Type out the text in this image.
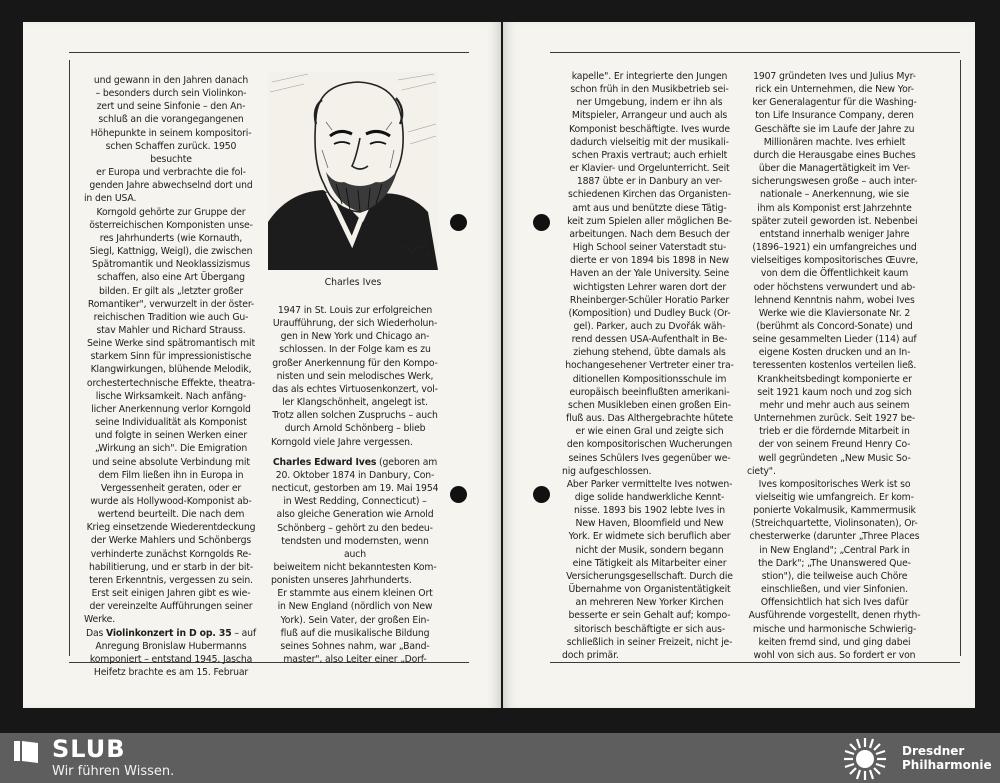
und gewann in den Jahren danach
– besonders durch sein Violinkon-
zert und seine Sinfonie – den An-
schluß an die vorangegangenen
Höhepunkte in seinem kompositori-
schen Schaffen zurück. 1950 besuchte
er Europa und verbrachte die fol-
genden Jahre abwechselnd dort und
in den USA.
Korngold gehörte zur Gruppe der
österreichischen Komponisten unse-
res Jahrhunderts (wie Kornauth,
Siegl, Kattnigg, Weigl), die zwischen
Spätromantik und Neoklassizismus
schaffen, also eine Art Übergang
bilden. Er gilt als „letzter großer
Romantiker", verwurzelt in der öster-
reichischen Tradition wie auch Gu-
stav Mahler und Richard Strauss.
Seine Werke sind spätromantisch mit
starkem Sinn für impressionistische
Klangwirkungen, blühende Melodik,
orchestertechnische Effekte, theatra-
lische Wirksamkeit. Nach anfäng-
licher Anerkennung verlor Korngold
seine Individualität als Komponist
und folgte in seinen Werken einer
„Wirkung an sich". Die Emigration
und seine absolute Verbindung mit
dem Film ließen ihn in Europa in
Vergessenheit geraten, oder er
wurde als Hollywood-Komponist ab-
wertend beurteilt. Die nach dem
Krieg einsetzende Wiederentdeckung
der Werke Mahlers und Schönbergs
verhinderte zunächst Korngolds Re-
habilitierung, und er starb in der bit-
teren Erkenntnis, vergessen zu sein.
Erst seit einigen Jahren gibt es wie-
der vereinzelte Aufführungen seiner
Werke.
Das Violinkonzert in D op. 35 – auf
Anregung Bronislaw Hubermanns
komponiert – entstand 1945. Jascha
Heifetz brachte es am 15. Februar
Charles Ives
1947 in St. Louis zur erfolgreichen
Uraufführung, der sich Wiederholun-
gen in New York und Chicago an-
schlossen. In der Folge kam es zu
großer Anerkennung für den Kompo-
nisten und sein melodisches Werk,
das als echtes Virtuosenkonzert, vol-
ler Klangschönheit, angelegt ist.
Trotz allen solchen Zuspruchs – auch
durch Arnold Schönberg – blieb
Korngold viele Jahre vergessen.
Charles Edward Ives (geboren am
20. Oktober 1874 in Danbury, Con-
necticut, gestorben am 19. Mai 1954
in West Redding, Connecticut) –
also gleiche Generation wie Arnold
Schönberg – gehört zu den bedeu-
tendsten und modernsten, wenn auch
beiweitem nicht bekanntesten Kom-
ponisten unseres Jahrhunderts.
Er stammte aus einem kleinen Ort
in New England (nördlich von New
York). Sein Vater, der großen Ein-
fluß auf die musikalische Bildung
seines Sohnes nahm, war „Band-
master", also Leiter einer „Dorf-
kapelle". Er integrierte den Jungen
schon früh in den Musikbetrieb sei-
ner Umgebung, indem er ihn als
Mitspieler, Arrangeur und auch als
Komponist beschäftigte. Ives wurde
dadurch vielseitig mit der musikali-
schen Praxis vertraut; auch erhielt
er Klavier- und Orgelunterricht. Seit
1887 übte er in Danbury an ver-
schiedenen Kirchen das Organisten-
amt aus und benützte diese Tätig-
keit zum Spielen aller möglichen Be-
arbeitungen. Nach dem Besuch der
High School seiner Vaterstadt stu-
dierte er von 1894 bis 1898 in New
Haven an der Yale University. Seine
wichtigsten Lehrer waren dort der
Rheinberger-Schüler Horatio Parker
(Komposition) und Dudley Buck (Or-
gel). Parker, auch zu Dvořák wäh-
rend dessen USA-Aufenthalt in Be-
ziehung stehend, übte damals als
hochangesehener Vertreter einer tra-
ditionellen Kompositionsschule im
europäisch beeinflußten amerikani-
schen Musikleben einen großen Ein-
fluß aus. Das Althergebrachte hütete
er wie einen Gral und zeigte sich
den kompositorischen Wucherungen
seines Schülers Ives gegenüber we-
nig aufgeschlossen.
Aber Parker vermittelte Ives notwen-
dige solide handwerkliche Kennt-
nisse. 1893 bis 1902 lebte Ives in
New Haven, Bloomfield und New
York. Er widmete sich beruflich aber
nicht der Musik, sondern begann
eine Tätigkeit als Mitarbeiter einer
Versicherungsgesellschaft. Durch die
Übernahme von Organistentätigkeit
an mehreren New Yorker Kirchen
besserte er sein Gehalt auf; kompo-
sitorisch beschäftigte er sich aus-
schließlich in seiner Freizeit, nicht je-
doch primär.
1907 gründeten Ives und Julius Myr-
rick ein Unternehmen, die New Yor-
ker Generalagentur für die Washing-
ton Life Insurance Company, deren
Geschäfte sie im Laufe der Jahre zu
Millionären machte. Ives erhielt
durch die Herausgabe eines Buches
über die Managertätigkeit im Ver-
sicherungswesen große – auch inter-
nationale – Anerkennung, wie sie
ihm als Komponist erst Jahrzehnte
später zuteil geworden ist. Nebenbei
entstand innerhalb weniger Jahre
(1896–1921) ein umfangreiches und
vielseitiges kompositorisches Œuvre,
von dem die Öffentlichkeit kaum
oder höchstens verwundert und ab-
lehnend Kenntnis nahm, wobei Ives
Werke wie die Klaviersonate Nr. 2
(berühmt als Concord-Sonate) und
seine gesammelten Lieder (114) auf
eigene Kosten drucken und an In-
teressenten kostenlos verteilen ließ.
Krankheitsbedingt komponierte er
seit 1921 kaum noch und zog sich
mehr und mehr auch aus seinem
Unternehmen zurück. Seit 1927 be-
trieb er die fördernde Mitarbeit in
der von seinem Freund Henry Co-
well gegründeten „New Music So-
ciety".
Ives kompositorisches Werk ist so
vielseitig wie umfangreich. Er kom-
ponierte Vokalmusik, Kammermusik
(Streichquartette, Violinsonaten), Or-
chesterwerke (darunter „Three Places
in New England"; „Central Park in
the Dark"; „The Unanswered Que-
stion"), die teilweise auch Chöre
einschließen, und vier Sinfonien.
Offensichtlich hat sich Ives dafür
Ausführende vorgestellt, denen rhyth-
mische und harmonische Schwierig-
keiten fremd sind, und ging dabei
wohl von sich aus. So fordert er von
SLUB
Wir führen Wissen.
Dresdner
Philharmonie
